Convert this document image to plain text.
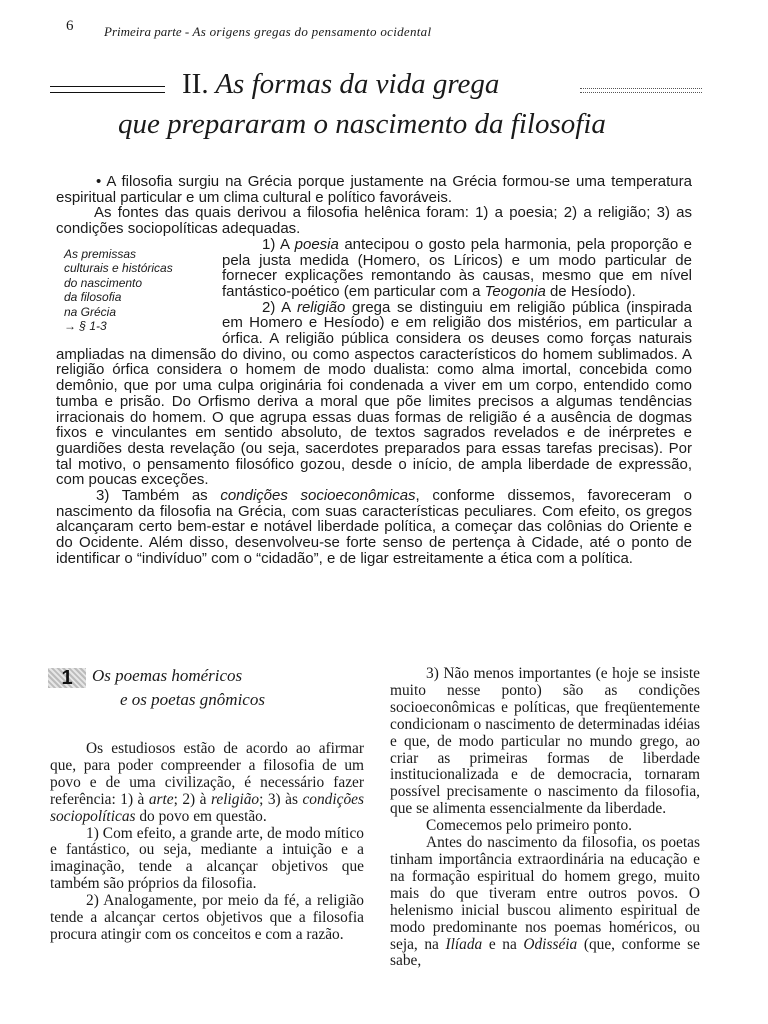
6 Primeira parte - As origens gregas do pensamento ocidental
II. As formas da vida grega
que prepararam o nascimento da filosofia

• A filosofia surgiu na Grécia porque justamente na Grécia formou-se uma temperatura espiritual particular e um clima cultural e político favoráveis.

As fontes das quais derivou a filosofia helênica foram: 1) a poesia; 2) a religião; 3) as condições sociopolíticas adequadas.

As premissas
culturais e históricas
do nascimento
da filosofia
na Grécia
→ § 1-3

1) A poesia antecipou o gosto pela harmonia, pela proporção e pela justa medida (Homero, os Líricos) e um modo particular de fornecer explicações remontando às causas, mesmo que em nível fantástico-poético (em particular com a Teogonia de Hesíodo).

2) A religião grega se distinguiu em religião pública (inspirada em Homero e Hesíodo) e em religião dos mistérios, em particular a órfica. A religião pública considera os deuses como forças naturais ampliadas na dimensão do divino, ou como aspectos característicos do homem sublimados. A religião órfica considera o homem de modo dualista: como alma imortal, concebida como demônio, que por uma culpa originária foi condenada a viver em um corpo, entendido como tumba e prisão. Do Orfismo deriva a moral que põe limites precisos a algumas tendências irracionais do homem. O que agrupa essas duas formas de religião é a ausência de dogmas fixos e vinculantes em sentido absoluto, de textos sagrados revelados e de inérpretes e guardiões desta revelação (ou seja, sacerdotes preparados para essas tarefas precisas). Por tal motivo, o pensamento filosófico gozou, desde o início, de ampla liberdade de expressão, com poucas exceções.

3) Também as condições socioeconômicas, conforme dissemos, favoreceram o nascimento da filosofia na Grécia, com suas características peculiares. Com efeito, os gregos alcançaram certo bem-estar e notável liberdade política, a começar das colônias do Oriente e do Ocidente. Além disso, desenvolveu-se forte senso de pertença à Cidade, até o ponto de identificar o “indivíduo” com o “cidadão”, e de ligar estreitamente a ética com a política.

1	Os poemas homéricos
e os poetas gnômicos

Os estudiosos estão de acordo ao afirmar que, para poder compreender a filosofia de um povo e de uma civilização, é necessário fazer referência: 1) à arte; 2) à religião; 3) às condições sociopolíticas do povo em questão.

1) Com efeito, a grande arte, de modo mítico e fantástico, ou seja, mediante a intuição e a imaginação, tende a alcançar objetivos que também são próprios da filosofia.

2) Analogamente, por meio da fé, a religião tende a alcançar certos objetivos que a filosofia procura atingir com os conceitos e com a razão.

3) Não menos importantes (e hoje se insiste muito nesse ponto) são as condições socioeconômicas e políticas, que freqüentemente condicionam o nascimento de determinadas idéias e que, de modo particular no mundo grego, ao criar as primeiras formas de liberdade institucionalizada e de democracia, tornaram possível precisamente o nascimento da filosofia, que se alimenta essencialmente da liberdade.

Comecemos pelo primeiro ponto.

Antes do nascimento da filosofia, os poetas tinham importância extraordinária na educação e na formação espiritual do homem grego, muito mais do que tiveram entre outros povos. O helenismo inicial buscou alimento espiritual de modo predominante nos poemas homéricos, ou seja, na Ilíada e na Odisséia (que, conforme se sabe,
